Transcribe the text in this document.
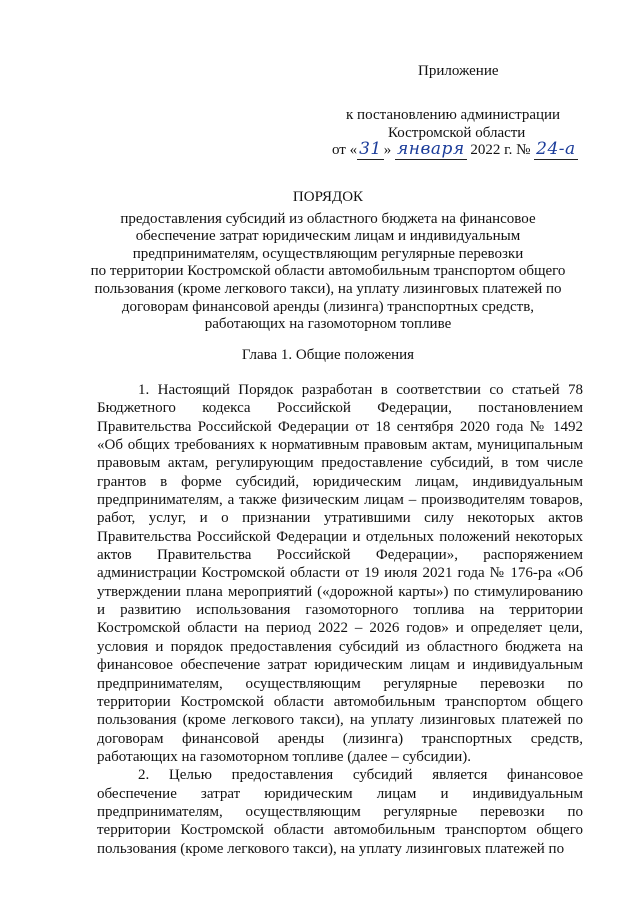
Приложение
к постановлению администрации
Костромской области
от « 31 » января 2022 г. № 24-а
ПОРЯДОК
предоставления субсидий из областного бюджета на финансовое
обеспечение затрат юридическим лицам и индивидуальным
предпринимателям, осуществляющим регулярные перевозки
по территории Костромской области автомобильным транспортом общего
пользования (кроме легкового такси), на уплату лизинговых платежей по
договорам финансовой аренды (лизинга) транспортных средств,
работающих на газомоторном топливе
Глава 1. Общие положения

1. Настоящий Порядок разработан в соответствии со статьей 78 Бюджетного кодекса Российской Федерации, постановлением Правительства Российской Федерации от 18 сентября 2020 года № 1492 «Об общих требованиях к нормативным правовым актам, муниципальным правовым актам, регулирующим предоставление субсидий, в том числе грантов в форме субсидий, юридическим лицам, индивидуальным предпринимателям, а также физическим лицам – производителям товаров, работ, услуг, и о признании утратившими силу некоторых актов Правительства Российской Федерации и отдельных положений некоторых актов Правительства Российской Федерации», распоряжением администрации Костромской области от 19 июля 2021 года № 176-ра «Об утверждении плана мероприятий («дорожной карты») по стимулированию и развитию использования газомоторного топлива на территории Костромской области на период 2022 – 2026 годов» и определяет цели, условия и порядок предоставления субсидий из областного бюджета на финансовое обеспечение затрат юридическим лицам и индивидуальным предпринимателям, осуществляющим регулярные перевозки по территории Костромской области автомобильным транспортом общего пользования (кроме легкового такси), на уплату лизинговых платежей по договорам финансовой аренды (лизинга) транспортных средств, работающих на газомоторном топливе (далее – субсидии).

2. Целью предоставления субсидий является финансовое обеспечение затрат юридическим лицам и индивидуальным предпринимателям, осуществляющим регулярные перевозки по территории Костромской области автомобильным транспортом общего пользования (кроме легкового такси), на уплату лизинговых платежей по
